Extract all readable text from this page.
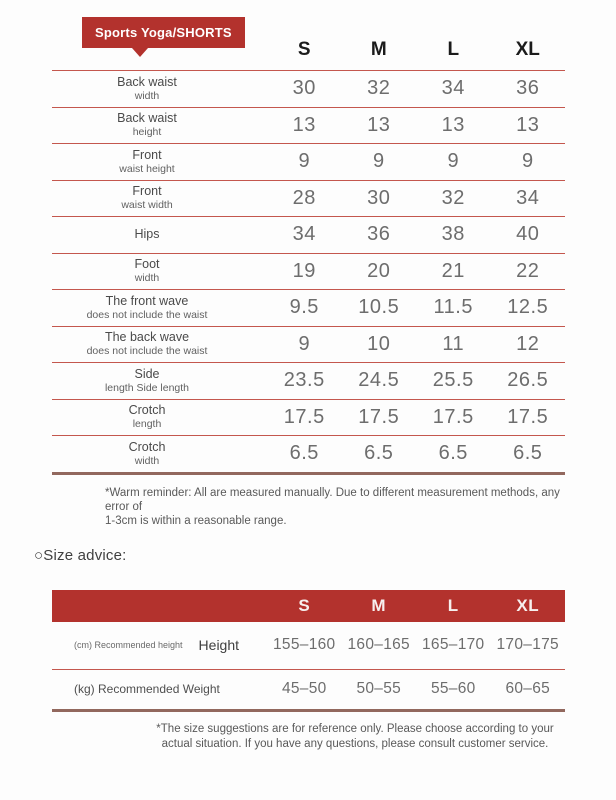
Sports Yoga/SHORTS
S	M	L	XL
Back waist
width	30	32	34	36
Back waist
height	13	13	13	13
Front
waist height	9	9	9	9
Front
waist width	28	30	32	34
Hips	34	36	38	40
Foot
width	19	20	21	22
The front wave
does not include the waist	9.5	10.5	11.5	12.5
The back wave
does not include the waist	9	10	11	12
Side
length Side length	23.5	24.5	25.5	26.5
Crotch
length	17.5	17.5	17.5	17.5
Crotch
width	6.5	6.5	6.5	6.5
*Warm reminder: All are measured manually. Due to different measurement methods, any error of
1-3cm is within a reasonable range.
○Size advice:
S	M	L	XL
(cm) Recommended height Height	155–160 160–165 165–170 170–175
(kg) Recommended Weight	45–50	50–55	55–60	60–65
*The size suggestions are for reference only. Please choose according to your
actual situation. If you have any questions, please consult customer service.
